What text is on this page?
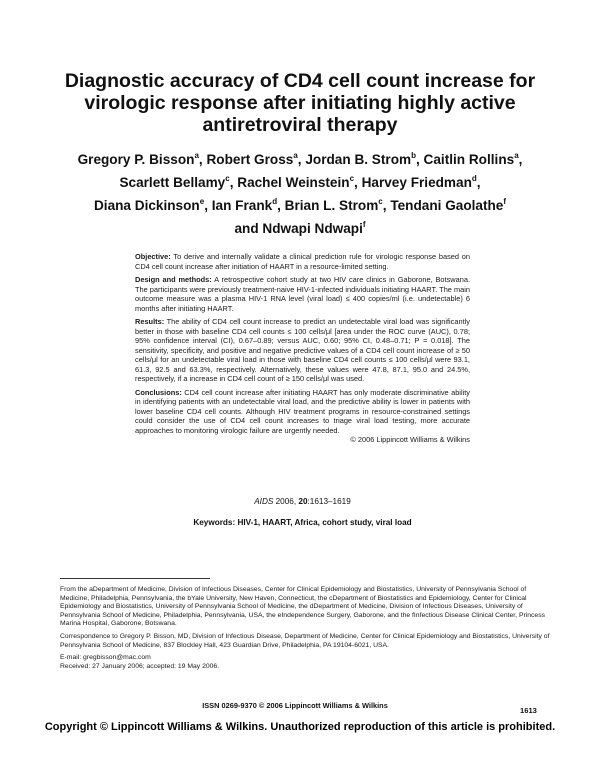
Diagnostic accuracy of CD4 cell count increase for virologic response after initiating highly active antiretroviral therapy
Gregory P. Bisson$^a$, Robert Gross$^a$, Jordan B. Strom$^b$, Caitlin Rollins$^a$,
Scarlett Bellamy$^c$, Rachel Weinstein$^c$, Harvey Friedman$^d$,
Diana Dickinson$^e$, Ian Frank$^d$, Brian L. Strom$^c$, Tendani Gaolathe$^f$
and Ndwapi Ndwapi$^f$

Objective: To derive and internally validate a clinical prediction rule for virologic response based on CD4 cell count increase after initiation of HAART in a resource-limited setting.

Design and methods: A retrospective cohort study at two HIV care clinics in Gaborone, Botswana. The participants were previously treatment-naive HIV-1-infected individuals initiating HAART. The main outcome measure was a plasma HIV-1 RNA level (viral load) ≤ 400 copies/ml (i.e. undetectable) 6 months after initiating HAART.

Results: The ability of CD4 cell count increase to predict an undetectable viral load was significantly better in those with baseline CD4 cell counts ≤ 100 cells/μl [area under the ROC curve (AUC), 0.78; 95% confidence interval (CI), 0.67–0.89; versus AUC, 0.60; 95% CI, 0.48–0.71; P = 0.018]. The sensitivity, specificity, and positive and negative predictive values of a CD4 cell count increase of ≥ 50 cells/μl for an undetectable viral load in those with baseline CD4 cell counts ≤ 100 cells/μl were 93.1, 61.3, 92.5 and 63.3%, respectively. Alternatively, these values were 47.8, 87.1, 95.0 and 24.5%, respectively, if a increase in CD4 cell count of ≥ 150 cells/μl was used.

Conclusions: CD4 cell count increase after initiating HAART has only moderate discriminative ability in identifying patients with an undetectable viral load, and the predictive ability is lower in patients with lower baseline CD4 cell counts. Although HIV treatment programs in resource-constrained settings could consider the use of CD4 cell count increases to triage viral load testing, more accurate approaches to monitoring virologic failure are urgently needed.
© 2006 Lippincott Williams & Wilkins

AIDS 2006, 20:1613–1619
Keywords: HIV-1, HAART, Africa, cohort study, viral load

From the aDepartment of Medicine, Division of Infectious Diseases, Center for Clinical Epidemiology and Biostatistics, University of Pennsylvania School of Medicine, Philadelphia, Pennsylvania, the bYale University, New Haven, Connecticut, the cDepartment of Biostatistics and Epidemiology, Center for Clinical Epidemiology and Biostatistics, University of Pennsylvania School of Medicine, the dDepartment of Medicine, Division of Infectious Diseases, University of Pennsylvania School of Medicine, Philadelphia, Pennsylvania, USA, the eIndependence Surgery, Gaborone, and the fInfectious Disease Clinical Center, Princess Marina Hospital, Gaborone, Botswana.

Correspondence to Gregory P. Bisson, MD, Division of Infectious Disease, Department of Medicine, Center for Clinical Epidemiology and Biostatistics, University of Pennsylvania School of Medicine, 837 Blockley Hall, 423 Guardian Drive, Philadelphia, PA 19104-6021, USA.

E-mail: gregbisson@mac.com

Received: 27 January 2006; accepted: 19 May 2006.

ISSN 0269-9370 © 2006 Lippincott Williams & Wilkins
1613
Copyright © Lippincott Williams & Wilkins. Unauthorized reproduction of this article is prohibited.
